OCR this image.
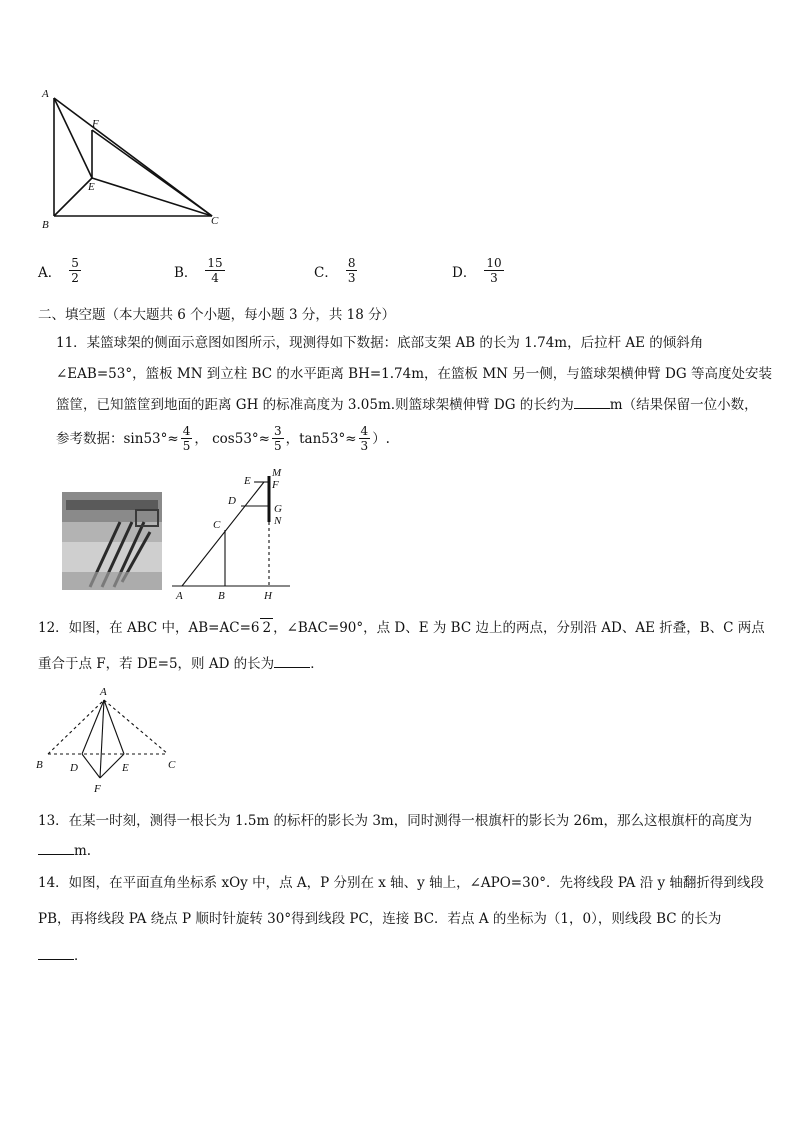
A
F
E
B	C
A． $\frac{5}{2}$	B． $\frac{15}{4}$	C． $\frac{8}{3}$	D． $\frac{10}{3}$
二、填空题（本大题共 6 个小题，每小题 3 分，共 18 分）
11．某篮球架的侧面示意图如图所示，现测得如下数据：底部支架 AB 的长为 1.74m，后拉杆 AE 的倾斜角
∠EAB=53°，篮板 MN 到立柱 BC 的水平距离 BH=1.74m，在篮板 MN 另一侧，与篮球架横伸臂 DG 等高度处安装
篮筐，已知篮筐到地面的距离 GH 的标准高度为 3.05m.则篮球架横伸臂 DG 的长约为	m（结果保留一位小数，
参考数据：$\sin 53^\circ\approx \frac{4}{5}$ ， $\cos 53^\circ\approx \frac{3}{5}$ ，$\tan 53^\circ\approx \frac{4}{3}$ ）.
M
E F
D
G
N
C
A	B	H
12．如图，在 ABC 中，AB=AC=6 2 ，∠BAC=90°，点 D、E 为 BC 边上的两点，分别沿 AD、AE 折叠，B、C 两点
重合于点 F，若 DE=5，则 AD 的长为	．
A
B D	E	C
F
13．在某一时刻，测得一根长为 1.5m 的标杆的影长为 3m，同时测得一根旗杆的影长为 26m，那么这根旗杆的高度为
m.
14．如图，在平面直角坐标系 xOy 中，点 A，P 分别在 x 轴、y 轴上，∠APO=30°．先将线段 PA 沿 y 轴翻折得到线段
PB，再将线段 PA 绕点 P 顺时针旋转 30°得到线段 PC，连接 BC．若点 A 的坐标为（1，0），则线段 BC 的长为
．
